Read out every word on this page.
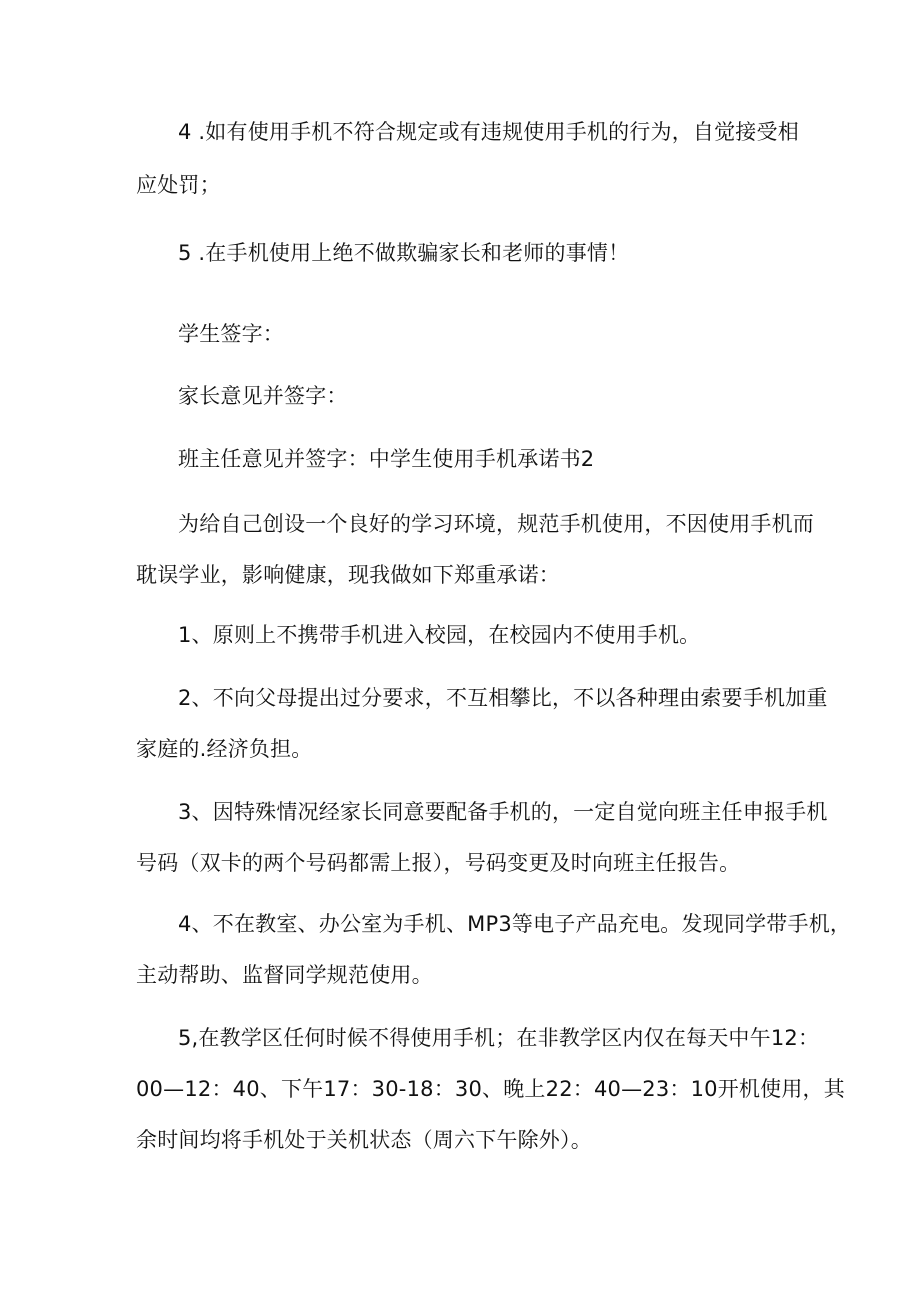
4 .如有使用手机不符合规定或有违规使用手机的行为，自觉接受相
应处罚；
5 .在手机使用上绝不做欺骗家长和老师的事情！
学生签字：
家长意见并签字：
班主任意见并签字：中学生使用手机承诺书2
为给自己创设一个良好的学习环境，规范手机使用，不因使用手机而
耽误学业，影响健康，现我做如下郑重承诺：
1、原则上不携带手机进入校园，在校园内不使用手机。
2、不向父母提出过分要求，不互相攀比，不以各种理由索要手机加重
家庭的.经济负担。
3、因特殊情况经家长同意要配备手机的，一定自觉向班主任申报手机
号码（双卡的两个号码都需上报），号码变更及时向班主任报告。
4、不在教室、办公室为手机、MP3等电子产品充电。发现同学带手机，
主动帮助、监督同学规范使用。
5,在教学区任何时候不得使用手机；在非教学区内仅在每天中午12：
00—12：40、下午17：30-18：30、晚上22：40—23：10开机使用，其
余时间均将手机处于关机状态（周六下午除外）。
